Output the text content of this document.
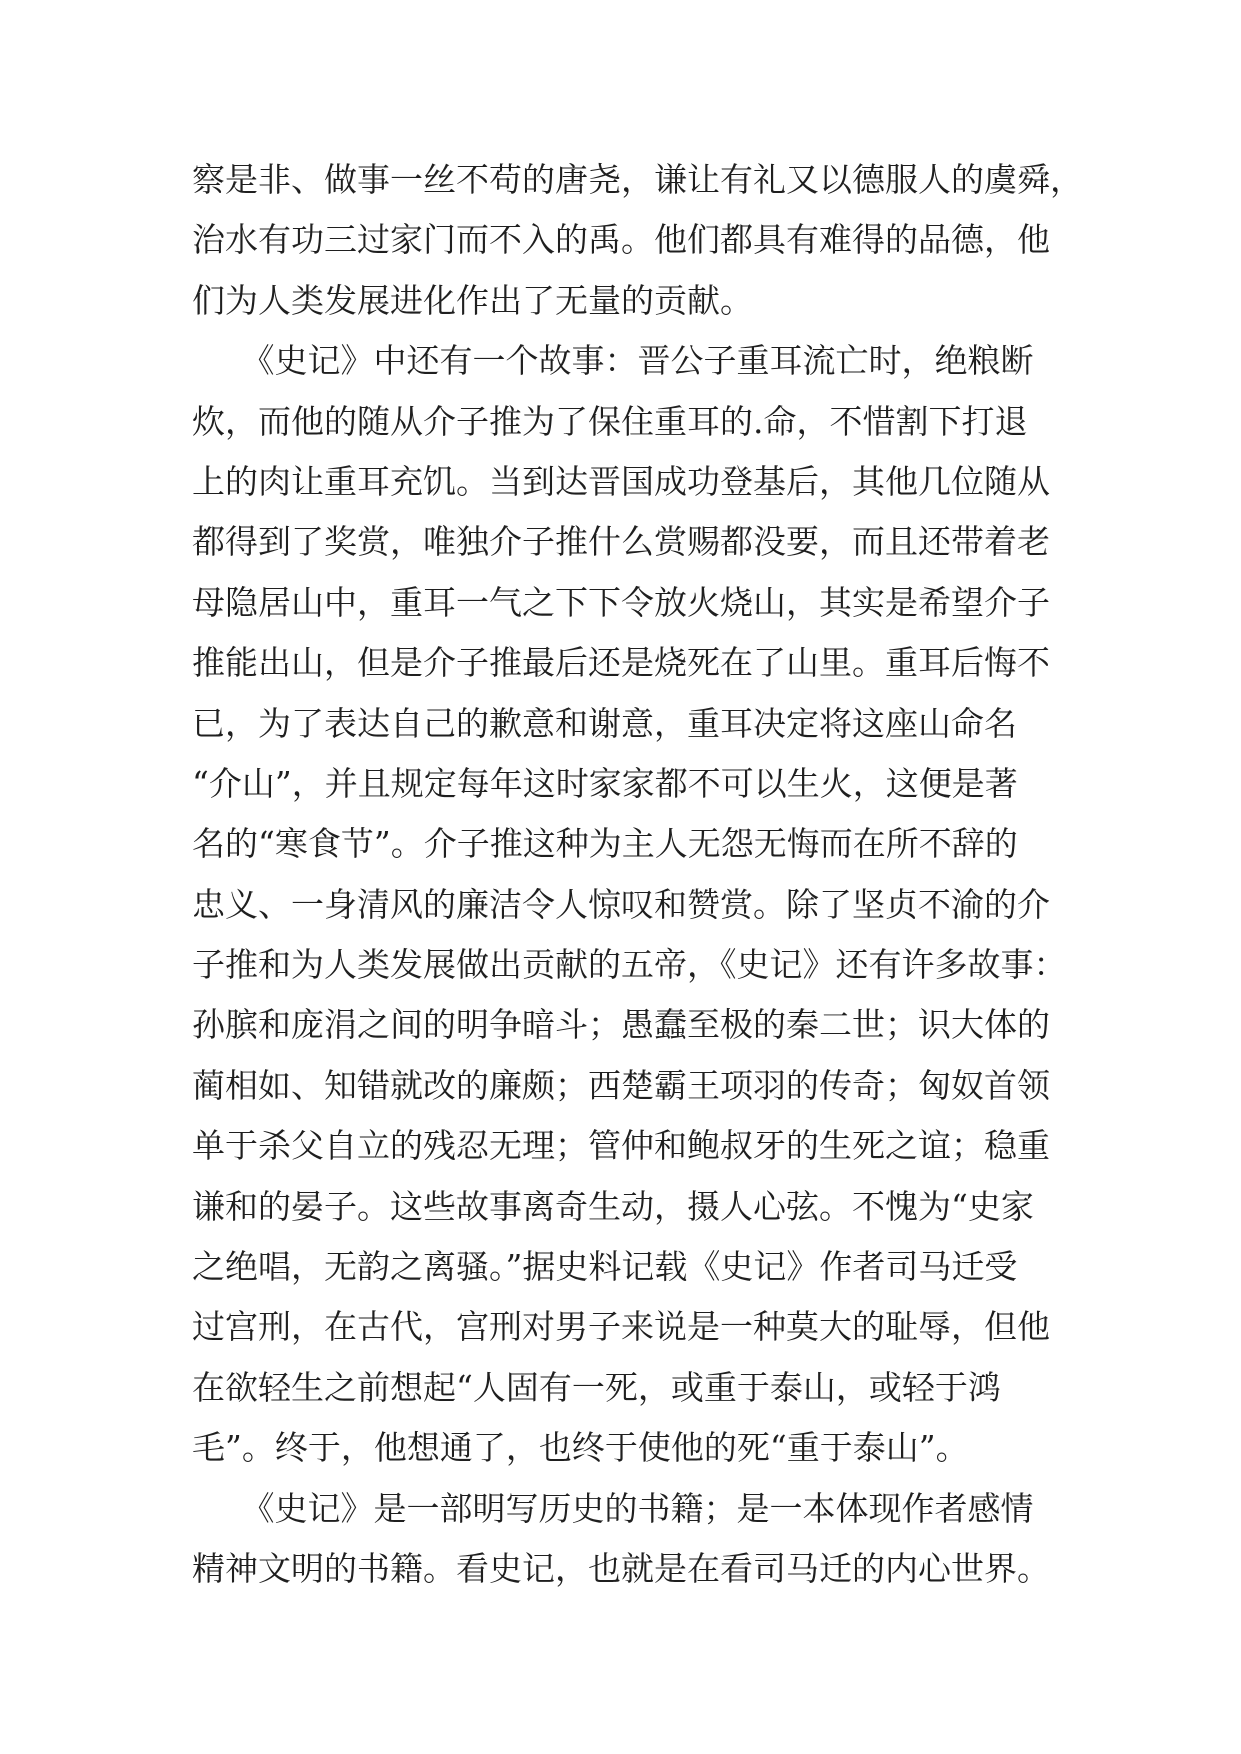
察是非、做事一丝不苟的唐尧，谦让有礼又以德服人的虞舜，
治水有功三过家门而不入的禹。他们都具有难得的品德，他
们为人类发展进化作出了无量的贡献。
　　《史记》中还有一个故事：晋公子重耳流亡时，绝粮断
炊，而他的随从介子推为了保住重耳的.命，不惜割下打退
上的肉让重耳充饥。当到达晋国成功登基后，其他几位随从
都得到了奖赏，唯独介子推什么赏赐都没要，而且还带着老
母隐居山中，重耳一气之下下令放火烧山，其实是希望介子
推能出山，但是介子推最后还是烧死在了山里。重耳后悔不
已，为了表达自己的歉意和谢意，重耳决定将这座山命名
“介山”，并且规定每年这时家家都不可以生火，这便是著
名的“寒食节”。介子推这种为主人无怨无悔而在所不辞的
忠义、一身清风的廉洁令人惊叹和赞赏。除了坚贞不渝的介
子推和为人类发展做出贡献的五帝，《史记》还有许多故事：
孙膑和庞涓之间的明争暗斗；愚蠢至极的秦二世；识大体的
蔺相如、知错就改的廉颇；西楚霸王项羽的传奇；匈奴首领
单于杀父自立的残忍无理；管仲和鲍叔牙的生死之谊；稳重
谦和的晏子。这些故事离奇生动，摄人心弦。不愧为“史家
之绝唱，无韵之离骚。”据史料记载《史记》作者司马迁受
过宫刑，在古代，宫刑对男子来说是一种莫大的耻辱，但他
在欲轻生之前想起“人固有一死，或重于泰山，或轻于鸿
毛”。终于，他想通了，也终于使他的死“重于泰山”。
　　《史记》是一部明写历史的书籍；是一本体现作者感情
精神文明的书籍。看史记，也就是在看司马迁的内心世界。
